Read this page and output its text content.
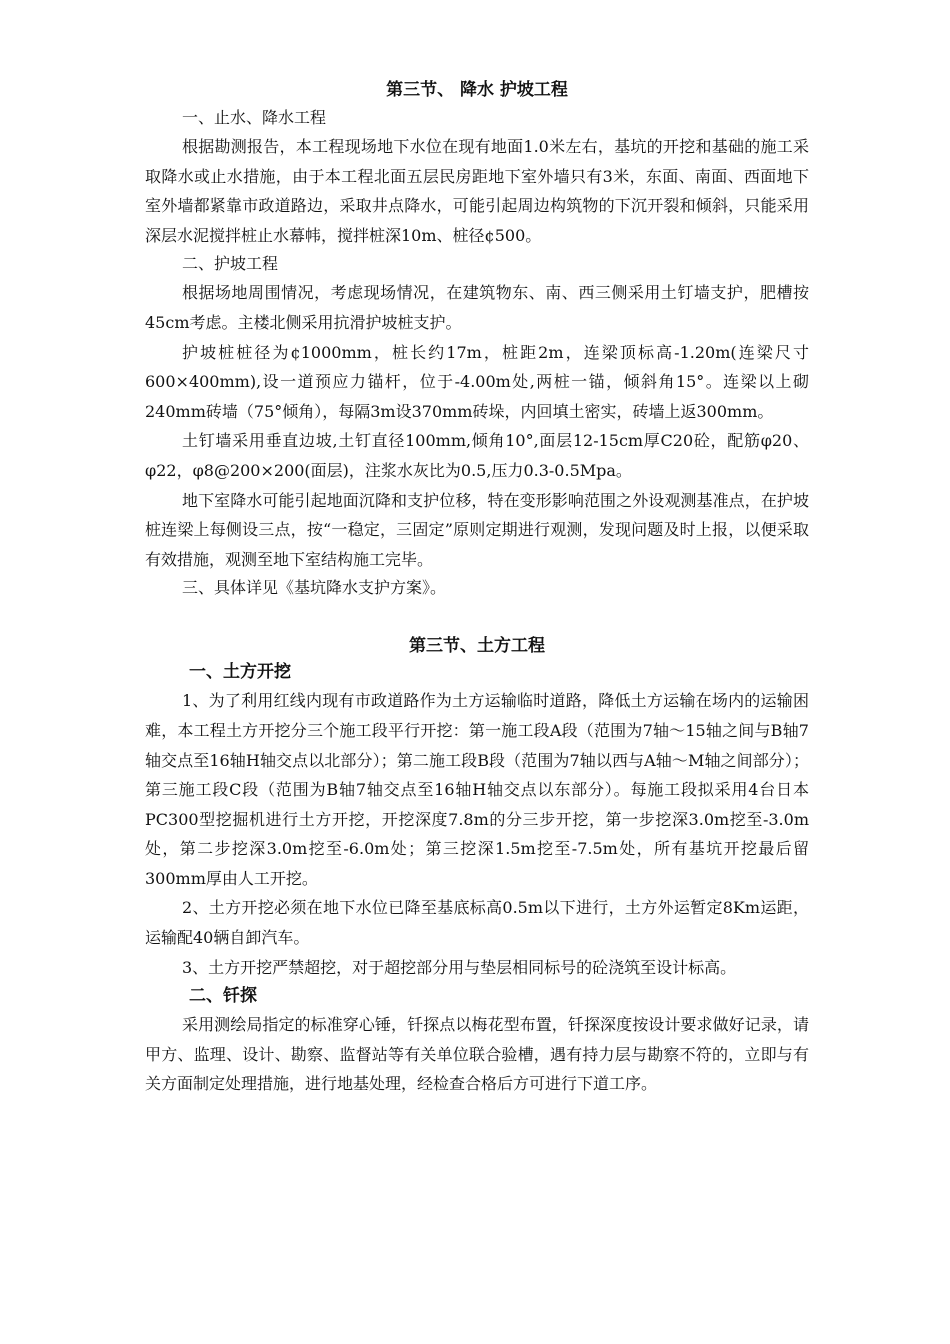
第三节、 降水 护坡工程

一、止水、降水工程

根据勘测报告，本工程现场地下水位在现有地面1.0米左右，基坑的开挖和基础的施工采取降水或止水措施，由于本工程北面五层民房距地下室外墙只有3米，东面、南面、西面地下室外墙都紧靠市政道路边，采取井点降水，可能引起周边构筑物的下沉开裂和倾斜，只能采用深层水泥搅拌桩止水幕帏，搅拌桩深10m、桩径¢500。

二、护坡工程

根据场地周围情况，考虑现场情况，在建筑物东、南、西三侧采用土钉墙支护，肥槽按45cm考虑。主楼北侧采用抗滑护坡桩支护。

护坡桩桩径为¢1000mm，桩长约17m，桩距2m，连梁顶标高-1.20m(连梁尺寸600×400mm),设一道预应力锚杆，位于-4.00m处,两桩一锚，倾斜角15°。连梁以上砌240mm砖墙（75°倾角），每隔3m设370mm砖垛，内回填土密实，砖墙上返300mm。

土钉墙采用垂直边坡,土钉直径100mm,倾角10°,面层12-15cm厚C20砼，配筋φ20、φ22，φ8@200×200(面层)，注浆水灰比为0.5,压力0.3-0.5Mpa。

地下室降水可能引起地面沉降和支护位移，特在变形影响范围之外设观测基准点，在护坡桩连梁上每侧设三点，按“一稳定，三固定”原则定期进行观测，发现问题及时上报，以便采取有效措施，观测至地下室结构施工完毕。

三、具体详见《基坑降水支护方案》。

第三节、土方工程

一、土方开挖

1、为了利用红线内现有市政道路作为土方运输临时道路，降低土方运输在场内的运输困难，本工程土方开挖分三个施工段平行开挖：第一施工段A段（范围为7轴～15轴之间与B轴7轴交点至16轴H轴交点以北部分）；第二施工段B段（范围为7轴以西与A轴～M轴之间部分）；第三施工段C段（范围为B轴7轴交点至16轴H轴交点以东部分）。每施工段拟采用4台日本PC300型挖掘机进行土方开挖，开挖深度7.8m的分三步开挖，第一步挖深3.0m挖至-3.0m处，第二步挖深3.0m挖至-6.0m处；第三挖深1.5m挖至-7.5m处，所有基坑开挖最后留300mm厚由人工开挖。

2、土方开挖必须在地下水位已降至基底标高0.5m以下进行，土方外运暂定8Km运距，运输配40辆自卸汽车。

3、土方开挖严禁超挖，对于超挖部分用与垫层相同标号的砼浇筑至设计标高。

二、钎探

采用测绘局指定的标准穿心锤，钎探点以梅花型布置，钎探深度按设计要求做好记录，请甲方、监理、设计、勘察、监督站等有关单位联合验槽，遇有持力层与勘察不符的，立即与有关方面制定处理措施，进行地基处理，经检查合格后方可进行下道工序。
